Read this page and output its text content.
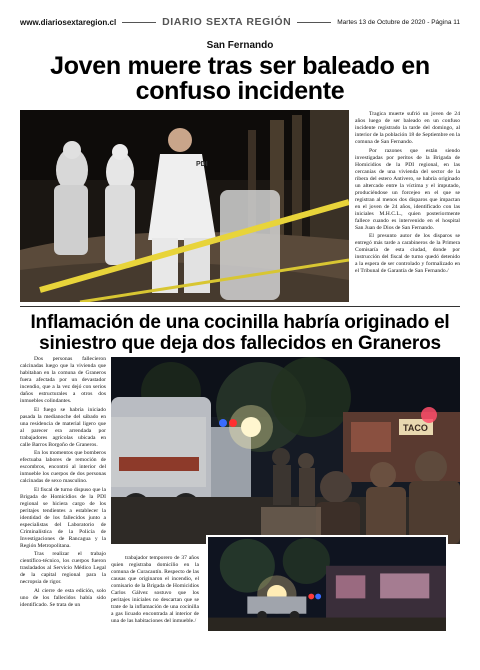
www.diariosextaregion.cl	DIARIO SEXTA REGIÓN	Martes 13 de Octubre de 2020 - Página 11
San Fernando
Joven muere tras ser baleado en confuso incidente
PDI

Tragica muerte sufrió un joven de 24 años luego de ser baleado en un confuso incidente registrado la tarde del domingo, al interior de la población 18 de Septiembre en la comuna de San Fernando.

Por razones que están siendo investigadas por peritos de la Brigada de Homicidios de la PDI regional, en las cercanías de una vivienda del sector de la ribera del estero Antivero, se habría originado un altercado entre la víctima y el imputado, produciéndose un forcejeo en el que se registran al menos dos disparos que impactan en el joven de 24 años, identificado con las iniciales M.H.C.L., quien posteriormente fallece cuando es intervenido en el hospital San Juan de Dios de San Fernando.

El presunto autor de los disparos se entregó más tarde a carabineros de la Primera Comisaría de esta ciudad, donde por instrucción del fiscal de turno quedó detenido a la espera de ser controlado y formalizado en el Tribunal de Garantía de San Fernando./

Inflamación de una cocinilla habría originado el siniestro que deja dos fallecidos en Graneros

Dos personas fallecieron calcinadas luego que la vivienda que habitaban en la comuna de Graneros fuera afectada por un devastador incendio, que a la vez dejó con serios daños estructurales a otros dos inmuebles colindantes.

El fuego se habría iniciado pasada la medianoche del sábado en una residencia de material ligero que al parecer era arrendada por trabajadores agrícolas ubicada en calle Barros Borgoño de Graneros.

En los momentos que bomberos efectuaba labores de remoción de escombros, encontró al interior del inmueble los cuerpos de dos personas calcinadas de sexo masculino.

El fiscal de turno dispuso que la Brigada de Homicidios de la PDI regional se hiciera cargo de los peritajes tendientes a establecer la identidad de los fallecidos junto a especialistas del Laboratorio de Criminalística de la Policía de Investigaciones de Rancagua y la Región Metropolitana.

Tras realizar el trabajo científico-técnico, los cuerpos fueron trasladados al Servicio Médico Legal de la capital regional para la necropsia de rigor.

Al cierre de esta edición, solo uno de los fallecidos había sido identificado. Se trata de un

TACO

trabajador temporero de 37 años quien registraba domicilio en la comuna de Curacautín. Respecto de las causas que originaron el incendio, el comisario de la Brigada de Homicidios Carlos Gálvez sostuvo que los peritajes iniciales no descartan que se trate de la inflamación de una cocinilla a gas licuado encontrada al interior de una de las habitaciones del inmueble./
